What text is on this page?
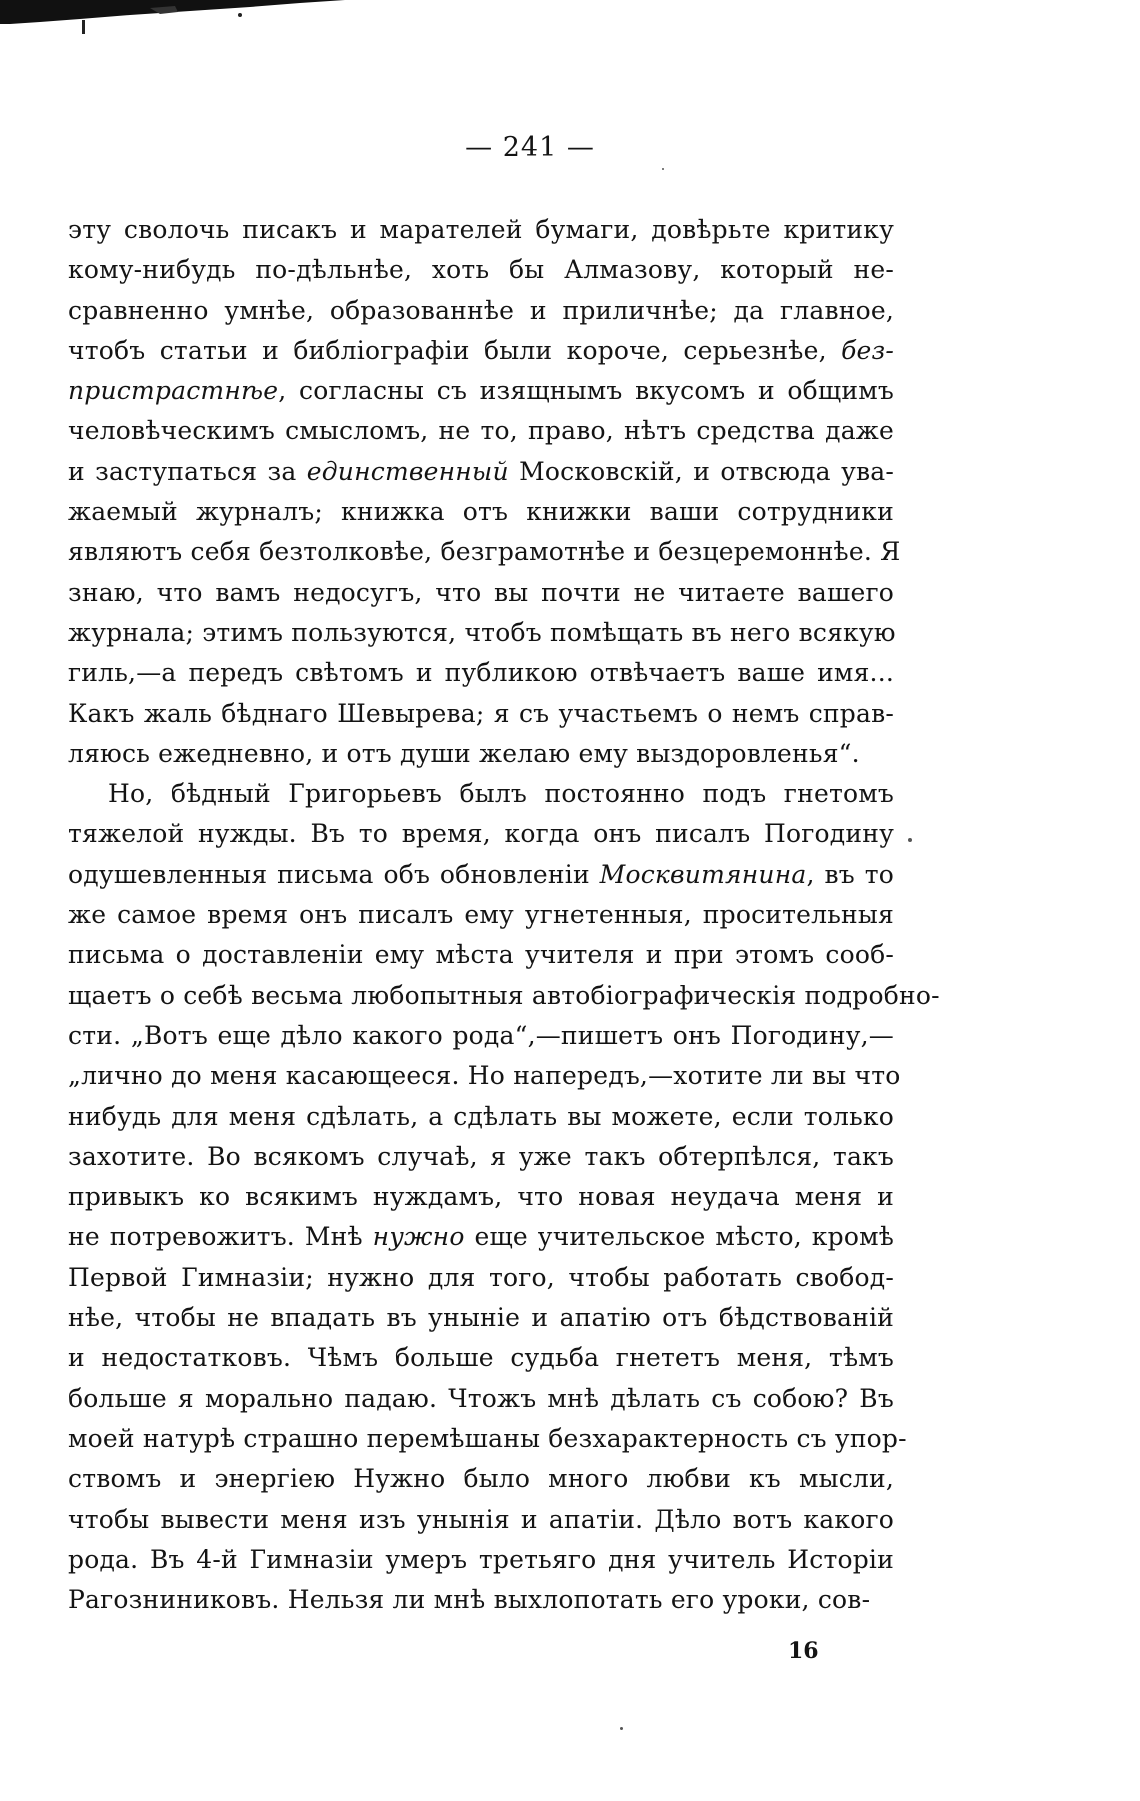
— 241 —
эту сволочь писакъ и марателей бумаги, довѣрьте критику
кому-нибудь по-дѣльнѣе, хоть бы Алмазову, который не-
сравненно умнѣе, образованнѣе и приличнѣе; да главное,
чтобъ статьи и библіографіи были короче, серьезнѣе, без-
пристрастнѣе, согласны съ изящнымъ вкусомъ и общимъ
человѣческимъ смысломъ, не то, право, нѣтъ средства даже
и заступаться за единственный Московскій, и отвсюда ува-
жаемый журналъ; книжка отъ книжки ваши сотрудники
являютъ себя безтолковѣе, безграмотнѣе и безцеремоннѣе. Я
знаю, что вамъ недосугъ, что вы почти не читаете вашего
журнала; этимъ пользуются, чтобъ помѣщать въ него всякую
гиль,—а передъ свѣтомъ и публикою отвѣчаетъ ваше имя...
Какъ жаль бѣднаго Шевырева; я съ участьемъ о немъ справ-
ляюсь ежедневно, и отъ души желаю ему выздоровленья“.
Но, бѣдный Григорьевъ былъ постоянно подъ гнетомъ
тяжелой нужды. Въ то время, когда онъ писалъ Погодину
одушевленныя письма объ обновленіи Москвитянина, въ то
же самое время онъ писалъ ему угнетенныя, просительныя
письма о доставленіи ему мѣста учителя и при этомъ сооб-
щаетъ о себѣ весьма любопытныя автобіографическія подробно-
сти. „Вотъ еще дѣло какого рода“,—пишетъ онъ Погодину,—
„лично до меня касающееся. Но напередъ,—хотите ли вы что
нибудь для меня сдѣлать, а сдѣлать вы можете, если только
захотите. Во всякомъ случаѣ, я уже такъ обтерпѣлся, такъ
привыкъ ко всякимъ нуждамъ, что новая неудача меня и
не потревожитъ. Мнѣ нужно еще учительское мѣсто, кромѣ
Первой Гимназіи; нужно для того, чтобы работать свобод-
нѣе, чтобы не впадать въ уныніе и апатію отъ бѣдствованій
и недостатковъ. Чѣмъ больше судьба гнететъ меня, тѣмъ
больше я морально падаю. Чтожъ мнѣ дѣлать съ собою? Въ
моей натурѣ страшно перемѣшаны безхарактерность съ упор-
ствомъ и энергіею Нужно было много любви къ мысли,
чтобы вывести меня изъ унынія и апатіи. Дѣло вотъ какого
рода. Въ 4-й Гимназіи умеръ третьяго дня учитель Исторіи
Рагозниниковъ. Нельзя ли мнѣ выхлопотать его уроки, сов-
16
